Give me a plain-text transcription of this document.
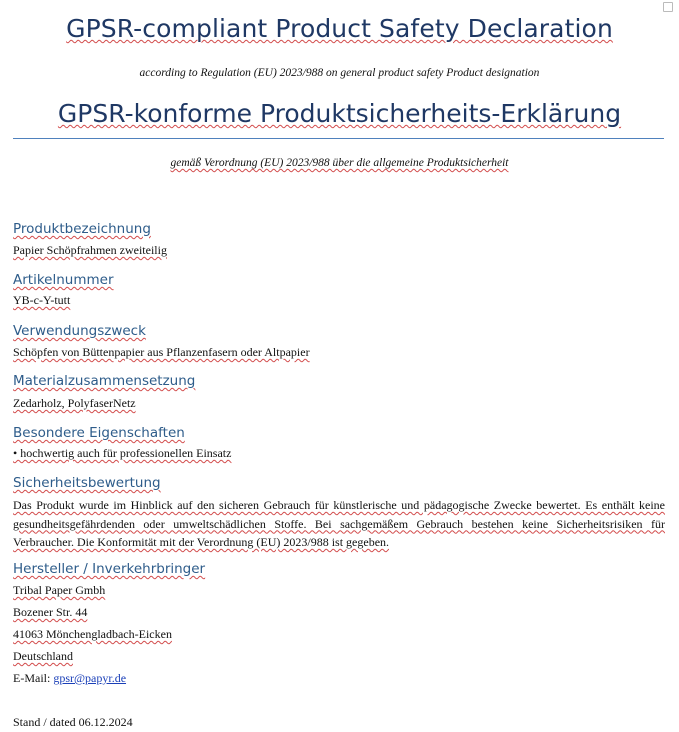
GPSR-compliant Product Safety Declaration
according to Regulation (EU) 2023/988 on general product safety Product designation
GPSR-konforme Produktsicherheits-Erklärung
gemäß Verordnung (EU) 2023/988 über die allgemeine Produktsicherheit
Produktbezeichnung
Papier Schöpfrahmen zweiteilig
Artikelnummer
YB-c-Y-tutt
Verwendungszweck
Schöpfen von Büttenpapier aus Pflanzenfasern oder Altpapier
Materialzusammensetzung
Zedarholz, PolyfaserNetz
Besondere Eigenschaften
• hochwertig auch für professionellen Einsatz
Sicherheitsbewertung
Das Produkt wurde im Hinblick auf den sicheren Gebrauch für künstlerische und pädagogische Zwecke bewertet. Es enthält keine gesundheitsgefährdenden oder umweltschädlichen Stoffe. Bei sachgemäßem Gebrauch bestehen keine Sicherheitsrisiken für Verbraucher. Die Konformität mit der Verordnung (EU) 2023/988 ist gegeben.
Hersteller / Inverkehrbringer
Tribal Paper Gmbh
Bozener Str. 44
41063 Mönchengladbach-Eicken
Deutschland
E-Mail: gpsr@papyr.de
Stand / dated 06.12.2024
